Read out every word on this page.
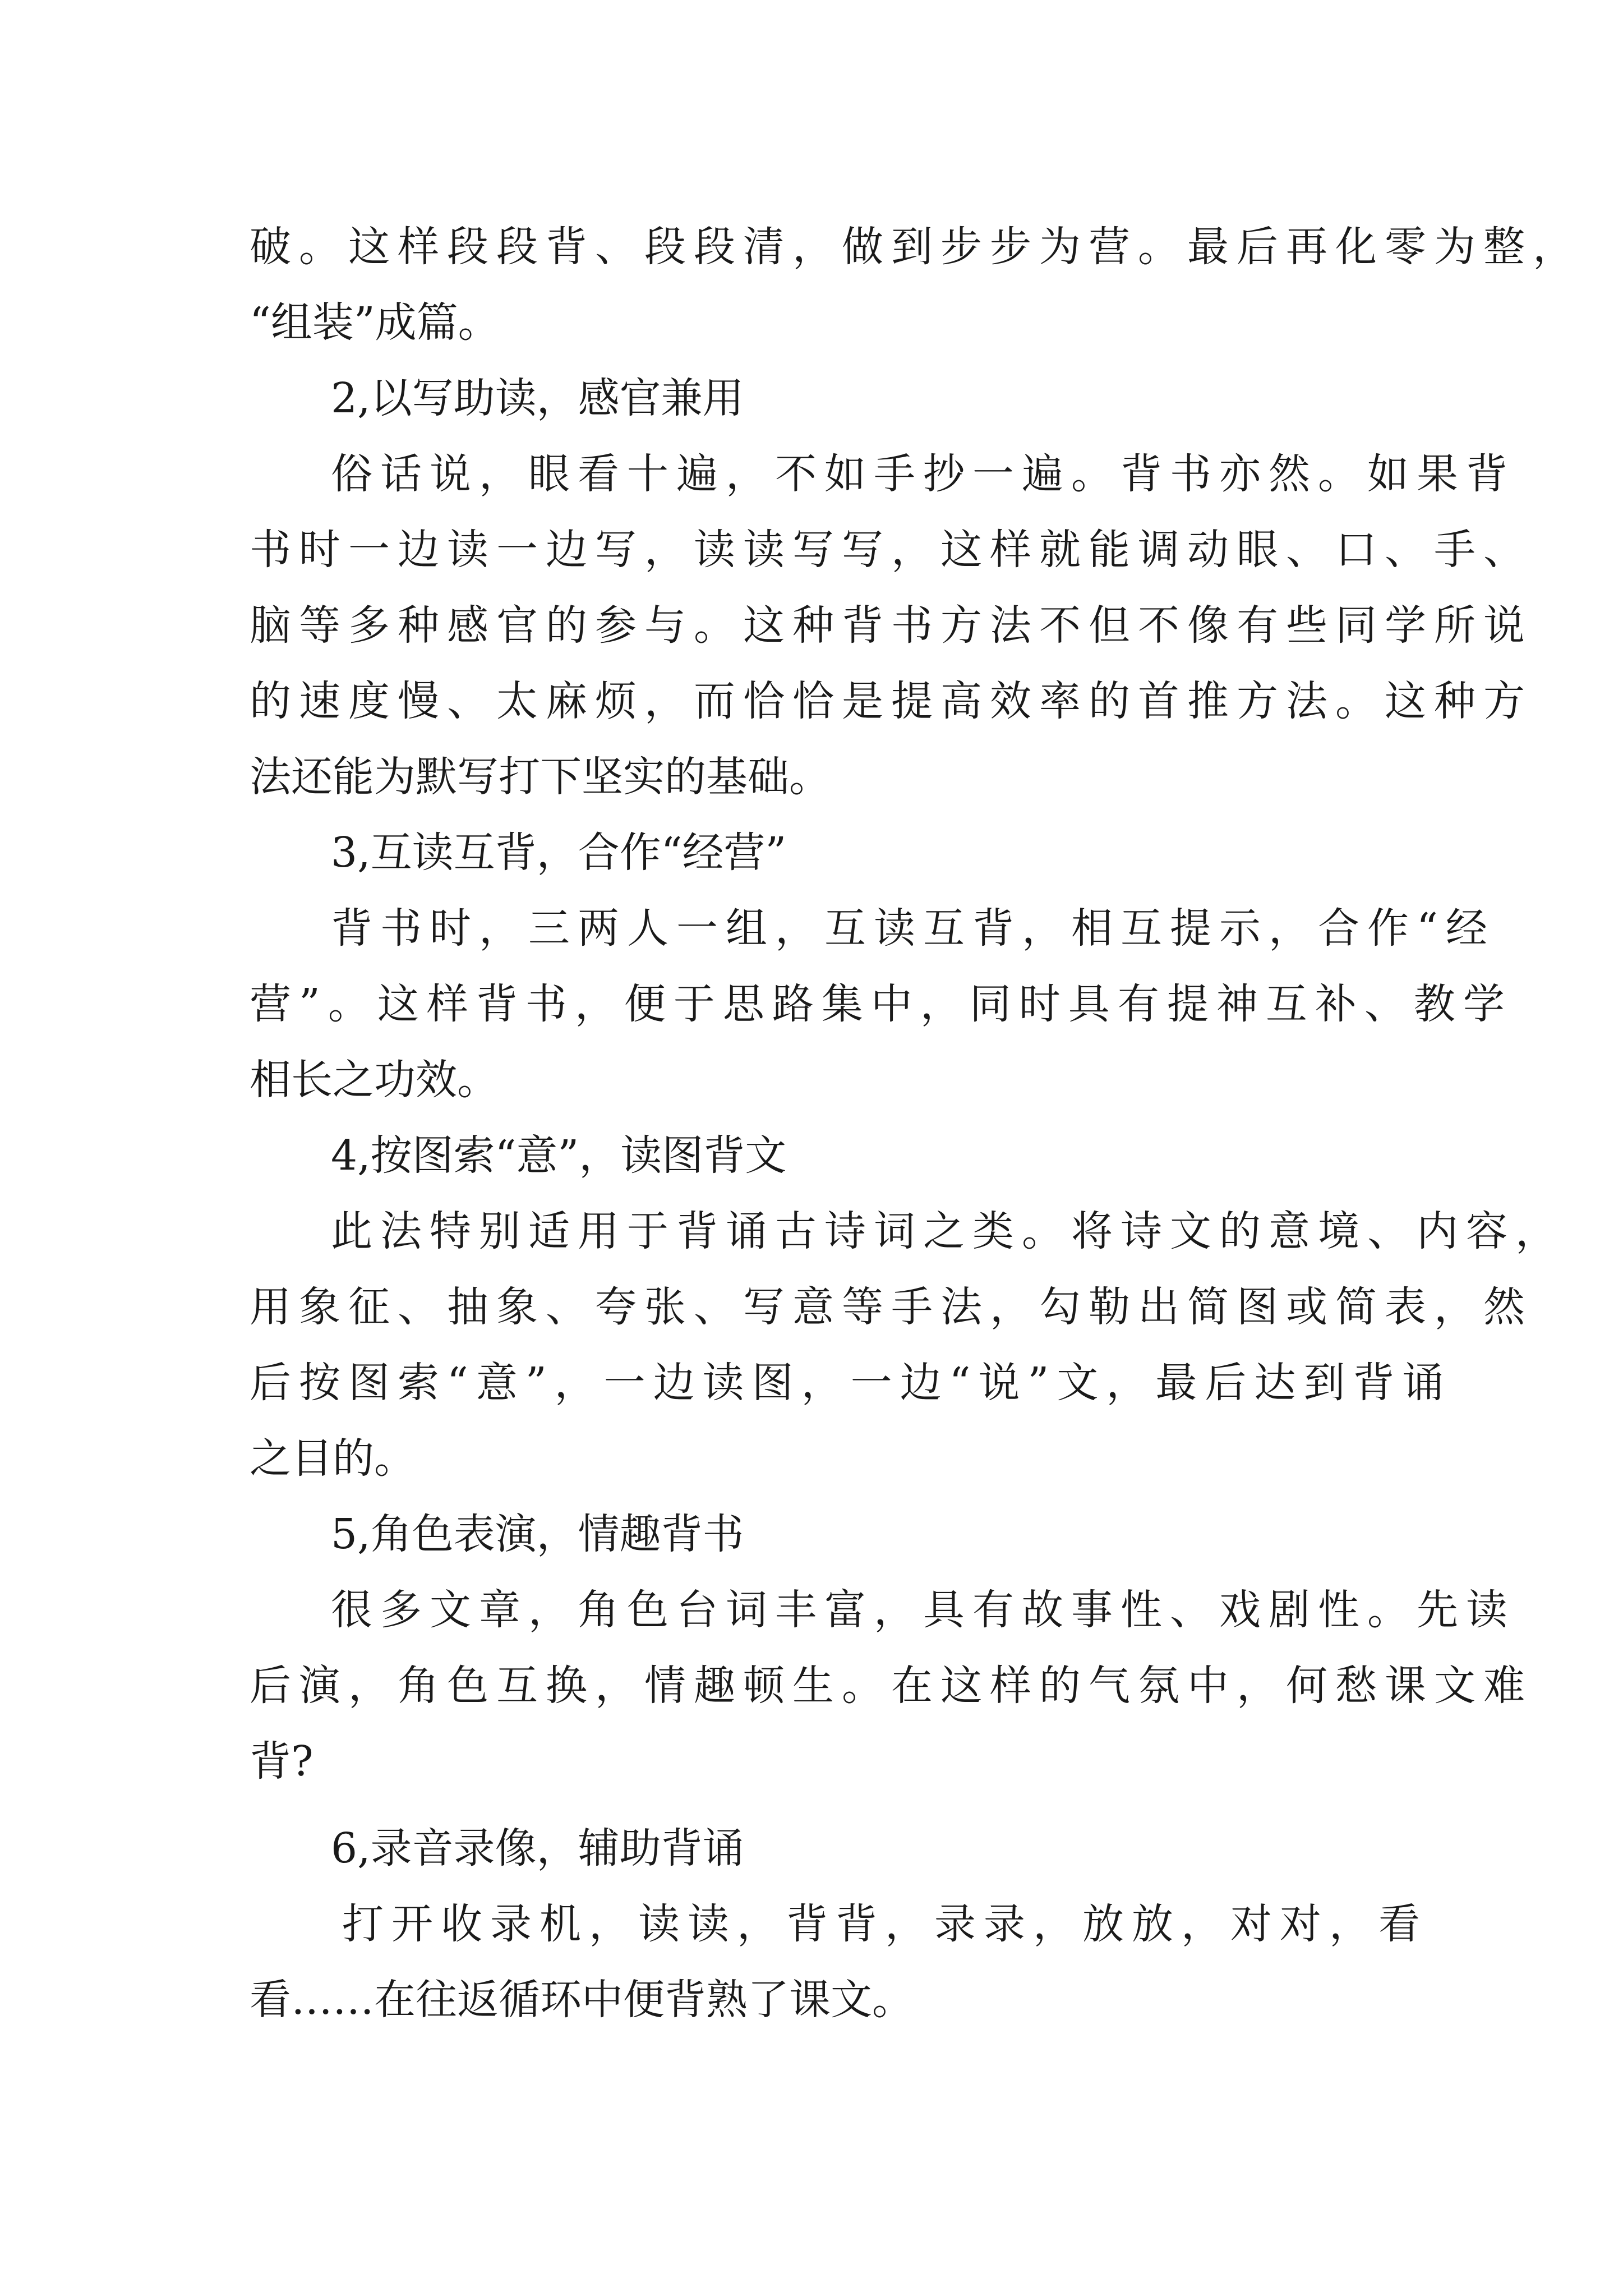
破。这样段段背、段段清，做到步步为营。最后再化零为整，
“组装”成篇。
2,以写助读，感官兼用
俗话说，眼看十遍，不如手抄一遍。背书亦然。如果背
书时一边读一边写，读读写写，这样就能调动眼、口、手、
脑等多种感官的参与。这种背书方法不但不像有些同学所说
的速度慢、太麻烦，而恰恰是提高效率的首推方法。这种方
法还能为默写打下坚实的基础。
3,互读互背，合作“经营”
背书时，三两人一组，互读互背，相互提示，合作“经
营”。这样背书，便于思路集中，同时具有提神互补、教学
相长之功效。
4,按图索“意”，读图背文
此法特别适用于背诵古诗词之类。将诗文的意境、内容，
用象征、抽象、夸张、写意等手法，勾勒出简图或简表，然
后按图索“意”，一边读图，一边“说”文，最后达到背诵
之目的。
5,角色表演，情趣背书
很多文章，角色台词丰富，具有故事性、戏剧性。先读
后演，角色互换，情趣顿生。在这样的气氛中，何愁课文难
背?
6,录音录像，辅助背诵
打开收录机，读读，背背，录录，放放，对对，看
看……在往返循环中便背熟了课文。
